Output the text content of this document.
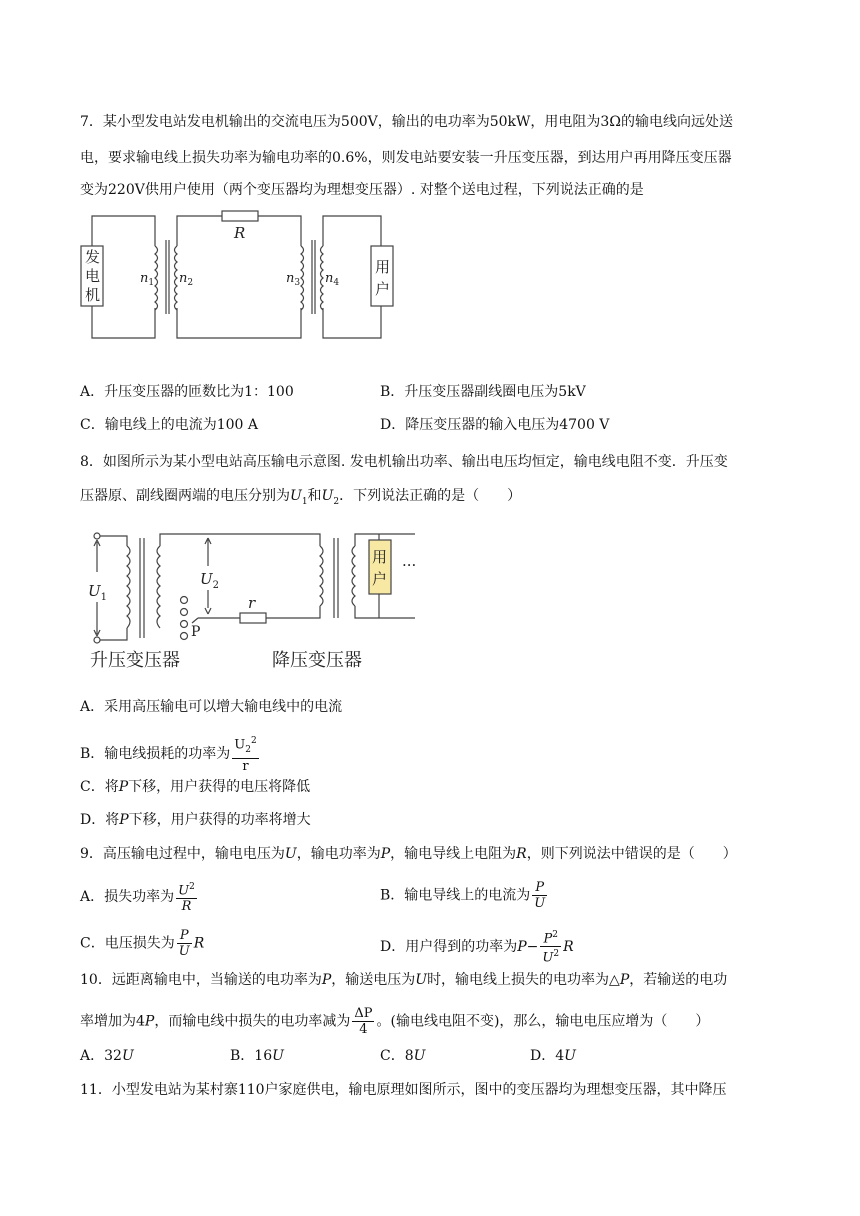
7．某小型发电站发电机输出的交流电压为500V，输出的电功率为50kW，用电阻为3Ω的输电线向远处送
电，要求输电线上损失功率为输电功率的0.6%，则发电站要安装一升压变压器，到达用户再用降压变压器
变为220V供用户使用（两个变压器均为理想变压器）. 对整个送电过程，下列说法正确的是
发
电
机
用
户
R
$n_1$ $n_2$	$n_3$ $n_4$
A．升压变压器的匝数比为1：100	B．升压变压器副线圈电压为5kV
C．输电线上的电流为100 A	D．降压变压器的输入电压为4700 V
8．如图所示为某小型电站高压输电示意图. 发电机输出功率、输出电压均恒定，输电线电阻不变．升压变
压器原、副线圈两端的电压分别为$U_1$和$U_2$．下列说法正确的是（　　）
用
户
···
$U_1$
$U_2$
r
P
升压变压器	降压变压器
A．采用高压输电可以增大输电线中的电流
B．输电线损耗的功率为 $\frac{U_2^2}{r}$
C．将P下移，用户获得的电压将降低
D．将P下移，用户获得的功率将增大
9．高压输电过程中，输电电压为U，输电功率为P，输电导线上电阻为R，则下列说法中错误的是（　　）
A．损失功率为 $\frac{U^2}{R}$	B．输电导线上的电流为 $\frac{P}{U}$
C．电压损失为 $\frac{P}{U}$ R	D．用户得到的功率为$P- \frac{P^2}{U^2}$ R
10．远距离输电中，当输送的电功率为P，输送电压为U时，输电线上损失的电功率为△P，若输送的电功
率增加为4P，而输电线中损失的电功率减为 $\frac{\Delta P}{4}$ 。(输电线电阻不变)，那么，输电电压应增为（　　）
A．32U	B．16U	C．8U	D．4U
11．小型发电站为某村寨110户家庭供电，输电原理如图所示，图中的变压器均为理想变压器，其中降压
